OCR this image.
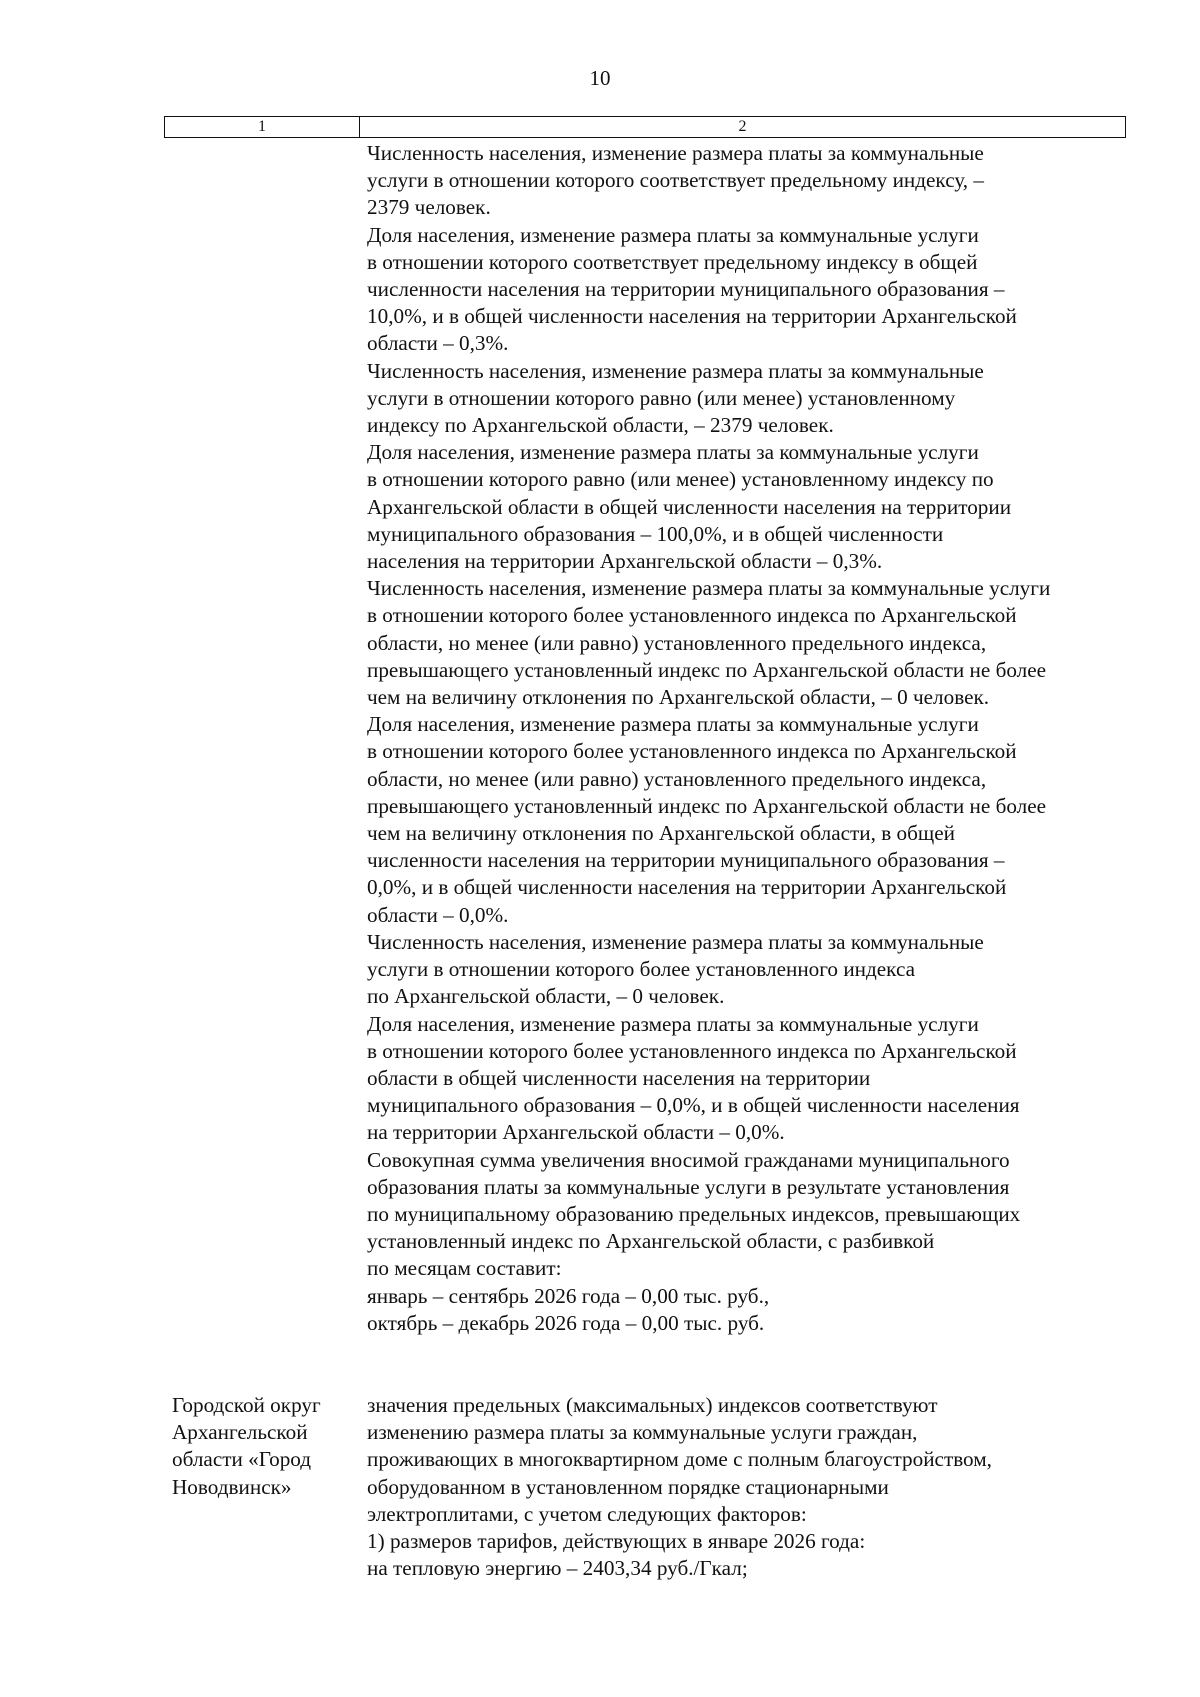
10
1	2
Численность населения, изменение размера платы за коммунальные
услуги в отношении которого соответствует предельному индексу, –
2379 человек.
Доля населения, изменение размера платы за коммунальные услуги
в отношении которого соответствует предельному индексу в общей
численности населения на территории муниципального образования –
10,0%, и в общей численности населения на территории Архангельской
области – 0,3%.
Численность населения, изменение размера платы за коммунальные
услуги в отношении которого равно (или менее) установленному
индексу по Архангельской области, – 2379 человек.
Доля населения, изменение размера платы за коммунальные услуги
в отношении которого равно (или менее) установленному индексу по
Архангельской области в общей численности населения на территории
муниципального образования – 100,0%, и в общей численности
населения на территории Архангельской области – 0,3%.
Численность населения, изменение размера платы за коммунальные услуги
в отношении которого более установленного индекса по Архангельской
области, но менее (или равно) установленного предельного индекса,
превышающего установленный индекс по Архангельской области не более
чем на величину отклонения по Архангельской области, – 0 человек.
Доля населения, изменение размера платы за коммунальные услуги
в отношении которого более установленного индекса по Архангельской
области, но менее (или равно) установленного предельного индекса,
превышающего установленный индекс по Архангельской области не более
чем на величину отклонения по Архангельской области, в общей
численности населения на территории муниципального образования –
0,0%, и в общей численности населения на территории Архангельской
области – 0,0%.
Численность населения, изменение размера платы за коммунальные
услуги в отношении которого более установленного индекса
по Архангельской области, – 0 человек.
Доля населения, изменение размера платы за коммунальные услуги
в отношении которого более установленного индекса по Архангельской
области в общей численности населения на территории
муниципального образования – 0,0%, и в общей численности населения
на территории Архангельской области – 0,0%.
Совокупная сумма увеличения вносимой гражданами муниципального
образования платы за коммунальные услуги в результате установления
по муниципальному образованию предельных индексов, превышающих
установленный индекс по Архангельской области, с разбивкой
по месяцам составит:
январь – сентябрь 2026 года – 0,00 тыс. руб.,
октябрь – декабрь 2026 года – 0,00 тыс. руб.
Городской округ
Архангельской
области «Город
Новодвинск»
значения предельных (максимальных) индексов соответствуют
изменению размера платы за коммунальные услуги граждан,
проживающих в многоквартирном доме с полным благоустройством,
оборудованном в установленном порядке стационарными
электроплитами, с учетом следующих факторов:
1) размеров тарифов, действующих в январе 2026 года:
на тепловую энергию – 2403,34 руб./Гкал;
